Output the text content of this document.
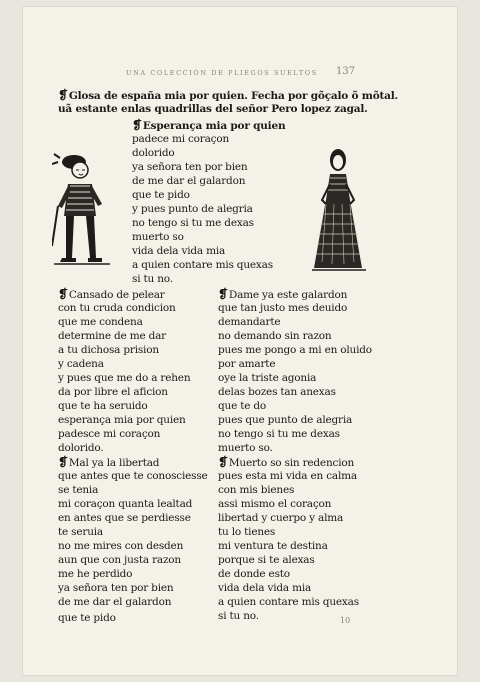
UNA COLECCIÓN DE PLIEGOS SUELTOS 137
❡Glosa de españa mia por quien. Fecha por gõçalo õ mõtal.
uã estante enlas quadrillas del señor Pero lopez zagal.
❡Esperança mia por quien
padece mi coraçon
dolorido
ya señora ten por bien
de me dar el galardon
que te pido
y pues punto de alegria
no tengo si tu me dexas
muerto so
vida dela vida mia
a quien contare mis quexas
si tu no.
❡Cansado de pelear
con tu cruda condicion
que me condena
determine de me dar
a tu dichosa prision
y cadena
y pues que me do a rehen
da por libre el aficion
que te ha seruido
esperança mia por quien
padesce mi coraçon
dolorido.
❡Mal ya la libertad
que antes que te conosciesse
se tenia
mi coraçon quanta lealtad
en antes que se perdiesse
te seruia
no me mires con desden
aun que con justa razon
me he perdido
ya señora ten por bien
de me dar el galardon
que te pido
❡Dame ya este galardon
que tan justo mes deuido
demandarte
no demando sin razon
pues me pongo a mi en oluido
por amarte
oye la triste agonia
delas bozes tan anexas
que te do
pues que punto de alegria
no tengo si tu me dexas
muerto so.
❡Muerto so sin redencion
pues esta mi vida en calma
con mis bienes
assi mismo el coraçon
libertad y cuerpo y alma
tu lo tienes
mi ventura te destina
porque si te alexas
de donde esto
vida dela vida mia
a quien contare mis quexas
si tu no.	10
